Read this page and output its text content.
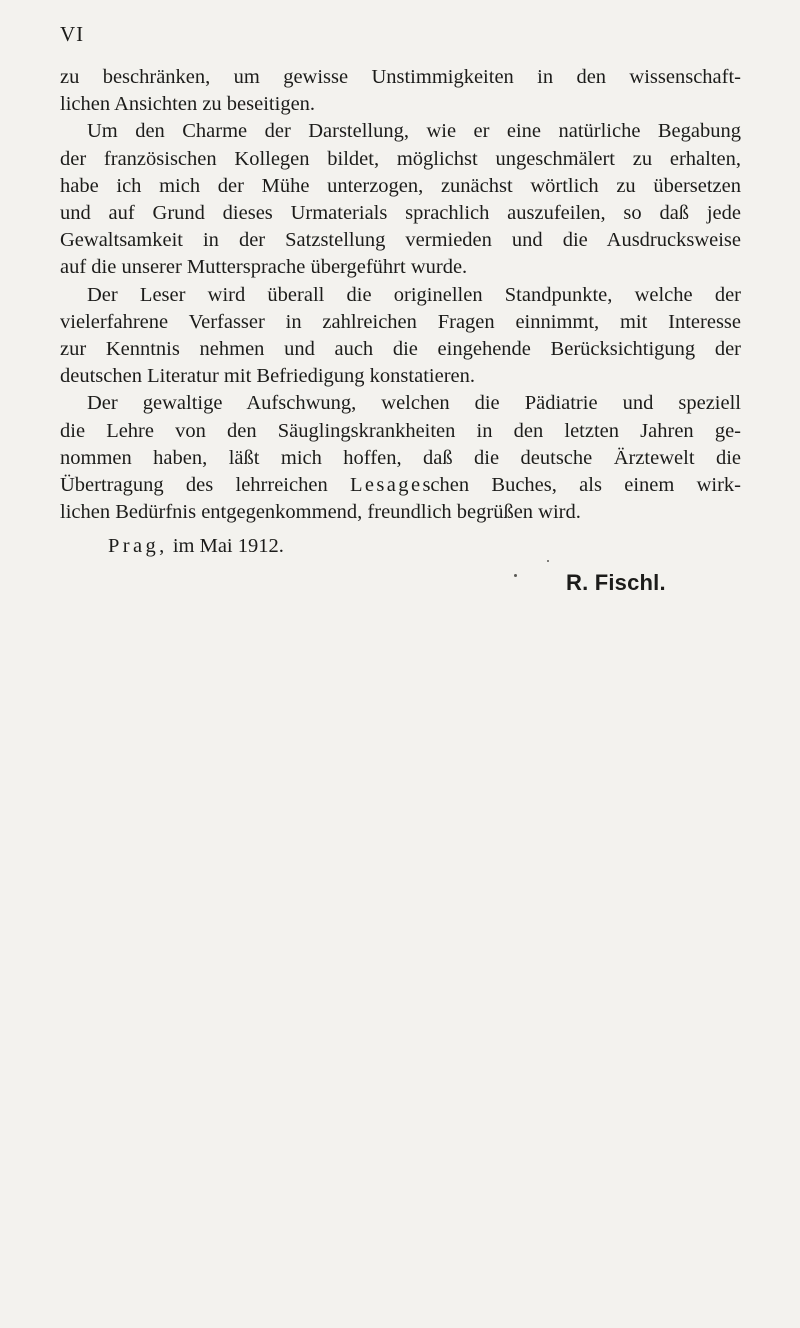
VI
zu beschränken, um gewisse Unstimmigkeiten in den wissenschaft-
lichen Ansichten zu beseitigen.
Um den Charme der Darstellung, wie er eine natürliche Begabung
der französischen Kollegen bildet, möglichst ungeschmälert zu erhalten,
habe ich mich der Mühe unterzogen, zunächst wörtlich zu übersetzen
und auf Grund dieses Urmaterials sprachlich auszufeilen, so daß jede
Gewaltsamkeit in der Satzstellung vermieden und die Ausdrucksweise
auf die unserer Muttersprache übergeführt wurde.
Der Leser wird überall die originellen Standpunkte, welche der
vielerfahrene Verfasser in zahlreichen Fragen einnimmt, mit Interesse
zur Kenntnis nehmen und auch die eingehende Berücksichtigung der
deutschen Literatur mit Befriedigung konstatieren.
Der gewaltige Aufschwung, welchen die Pädiatrie und speziell
die Lehre von den Säuglingskrankheiten in den letzten Jahren ge-
nommen haben, läßt mich hoffen, daß die deutsche Ärztewelt die
Übertragung des lehrreichen Lesageschen Buches, als einem wirk-
lichen Bedürfnis entgegenkommend, freundlich begrüßen wird.
Prag, im Mai 1912.
R. Fischl.
